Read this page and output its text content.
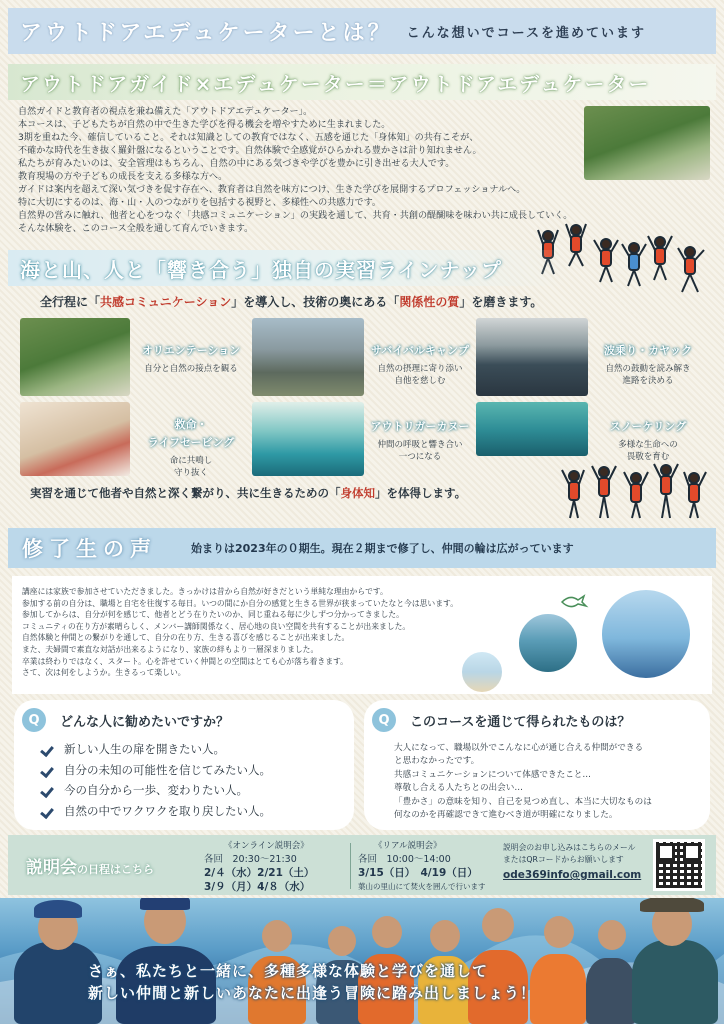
アウトドアエデュケーターとは？ こんな想いでコースを進めています
アウトドアガイド×エデュケーター＝アウトドアエデュケーター

自然ガイドと教育者の視点を兼ね備えた「アウトドアエデュケーター」。

本コースは、子どもたちが自然の中で生きた学びを得る機会を増やすために生まれました。

3期を重ねた今、確信していること。それは知識としての教育ではなく、五感を通じた「身体知」の共有こそが、

不確かな時代を生き抜く羅針盤になるということです。自然体験で全感覚がひらかれる豊かさは計り知れません。

私たちが育みたいのは、安全管理はもちろん、自然の中にある気づきや学びを豊かに引き出せる大人です。

教育現場の方や子どもの成長を支える多様な方へ。

ガイドは案内を超えて深い気づきを促す存在へ、教育者は自然を味方につけ、生きた学びを展開するプロフェッショナルへ。

特に大切にするのは、海・山・人のつながりを包括する視野と、多様性への共感力です。

自然界の営みに触れ、他者と心をつなぐ「共感コミュニケーション」の実践を通して、共育・共創の醍醐味を味わい共に成長していく。

そんな体験を、このコース全般を通して育んでいきます。

海と山、人と「響き合う」独自の実習ラインナップ
全行程に「共感コミュニケーション」を導入し、技術の奥にある「関係性の質」を磨きます。
オリエンテーション
自分と自然の接点を観る
サバイバルキャンプ
自然の摂理に寄り添い
自他を慈しむ
波乗り・カヤック
自然の鼓動を読み解き
進路を決める
救命・
ライフセービング
命に共鳴し
守り抜く
アウトリガーカヌー
仲間の呼吸と響き合い
一つになる
スノーケリング
多様な生命への
畏敬を育む
実習を通じて他者や自然と深く繋がり、共に生きるための「身体知」を体得します。
修了生の声	始まりは2023年の０期生。現在２期まで修了し、仲間の輪は広がっています

講座には家族で参加させていただきました。きっかけは昔から自然が好きだという単純な理由からです。

参加する前の自分は、職場と自宅を往復する毎日。いつの間にか自分の感覚と生きる世界が狭まっていたなと今は思います。

参加してからは、自分が何を感じて、他者とどう在りたいのか、同じ重ねる毎に少しずつ分かってきました。

コミュニティの在り方が素晴らしく、メンバー講師関係なく、居心地の良い空間を共有することが出来ました。

自然体験と仲間との繋がりを通して、自分の在り方、生きる喜びを感じることが出来ました。

また、夫婦間で素直な対話が出来るようになり、家族の絆もより一層深まりました。

卒業は終わりではなく、スタート。心を許せていく仲間との空間はとても心が落ち着きます。

さて、次は何をしようか。生きるって楽しい。

Q	どんな人に勧めたいですか？
新しい人生の扉を開きたい人。
自分の未知の可能性を信じてみたい人。
今の自分から一歩、変わりたい人。
自然の中でワクワクを取り戻したい人。
Q	このコースを通じて得られたものは？

大人になって、職場以外でこんなに心が通じ合える仲間ができる

と思わなかったです。

共感コミュニケーションについて体感できたこと…

尊敬し合える人たちとの出会い…

「豊かさ」の意味を知り、自己を見つめ直し、本当に大切なものは

何なのかを再確認できて進むべき道が明確になりました。

説明会の日程はこちら
《オンライン説明会》
各回　20:30～21:30
2/４（水）2/21（土）
3/９（月）4/８（水）
《リアル説明会》
各回　10:00～14:00
3/15（日）　4/19（日）
葉山の里山にて焚火を囲んで行います
説明会のお申し込みはこちらのメール
またはQRコードからお願いします
ode369info@gmail.com
さぁ、私たちと一緒に、多種多様な体験と学びを通して
新しい仲間と新しいあなたに出逢う冒険に踏み出しましょう！
